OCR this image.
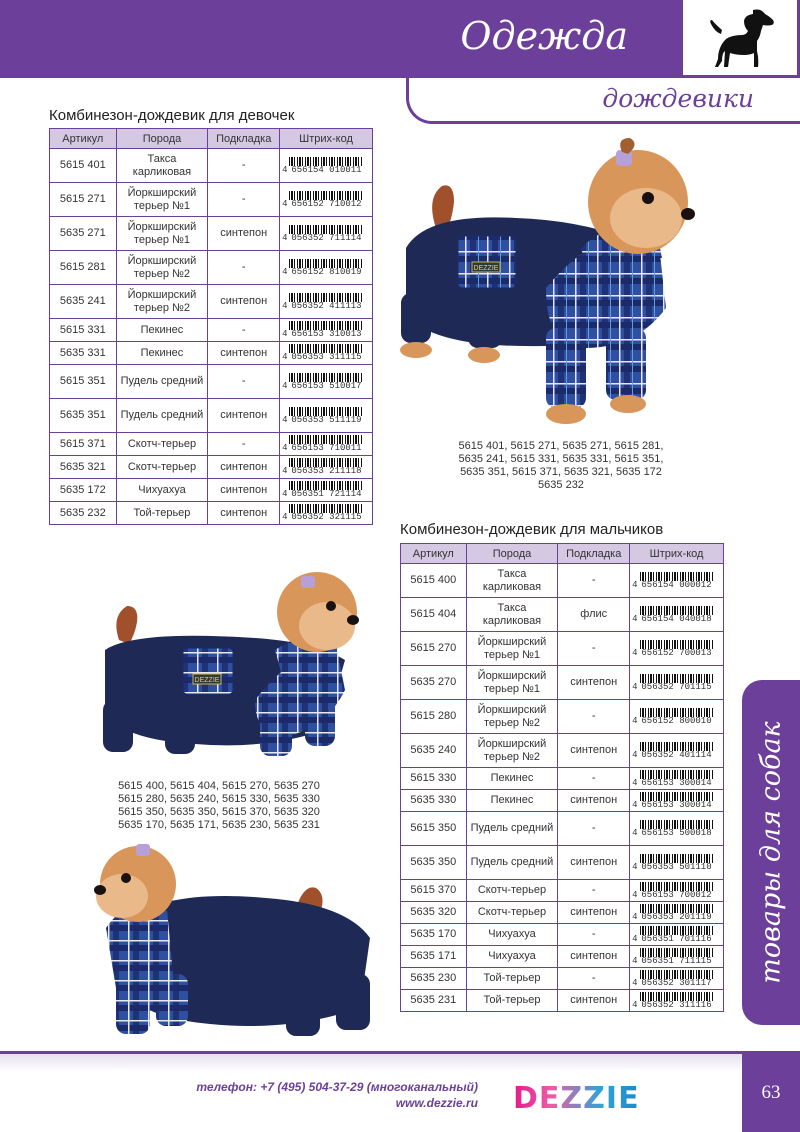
Одежда
дождевики
Комбинезон-дождевик для девочек
Артикул	Порода	Подкладка	Штрих-код
5615 401	Такса карликовая	-	4 656154 010011

5615 271	Йоркширский терьер №1	-	4 656152 710012

5635 271	Йоркширский терьер №1	синтепон	4 056352 711114

5615 281	Йоркширский терьер №2	-	4 656152 810019

5635 241	Йоркширский терьер №2	синтепон	4 056352 411113

5615 331	Пекинес	-	4 656153 310013

5635 331	Пекинес	синтепон	4 056353 311115

5615 351	Пудель средний	-	4 656153 510017

5635 351	Пудель средний	синтепон	4 056353 511119

5615 371	Скотч-терьер	-	4 656153 710011

5635 321	Скотч-терьер	синтепон	4 056353 211118

5635 172	Чихуахуа	синтепон	4 056351 721114

5635 232	Той-терьер	синтепон	4 056352 321115
DEZZIE
5615 401, 5615 271, 5635 271, 5615 281,
5635 241, 5615 331, 5635 331, 5615 351,
5635 351, 5615 371, 5635 321, 5635 172
5635 232
Комбинезон-дождевик для мальчиков
Артикул	Порода	Подкладка	Штрих-код
5615 400	Такса карликовая	-	4 656154 000012

5615 404	Такса карликовая	флис	4 656154 040018

5615 270	Йоркширский терьер №1	-	4 656152 700013

5635 270	Йоркширский терьер №1	синтепон	4 056352 701115

5615 280	Йоркширский терьер №2	-	4 656152 800010

5635 240	Йоркширский терьер №2	синтепон	4 056352 401114

5615 330	Пекинес	-	4 656153 300014

5635 330	Пекинес	синтепон	4 656153 300014

5615 350	Пудель средний	-	4 656153 500018

5635 350	Пудель средний	синтепон	4 056353 501110

5615 370	Скотч-терьер	-	4 656153 700012

5635 320	Скотч-терьер	синтепон	4 056353 201119

5635 170	Чихуахуа	-	4 056351 701116

5635 171	Чихуахуа	синтепон	4 056351 711115

5635 230	Той-терьер	-	4 056352 301117

5635 231	Той-терьер	синтепон	4 056352 311116
DEZZIE
5615 400, 5615 404, 5615 270, 5635 270
5615 280, 5635 240, 5615 330, 5635 330
5615 350, 5635 350, 5615 370, 5635 320
5635 170, 5635 171, 5635 230, 5635 231	товары для собак
телефон: +7 (495) 504-37-29 (многоканальный)
www.dezzie.ru DEZZIE	63
